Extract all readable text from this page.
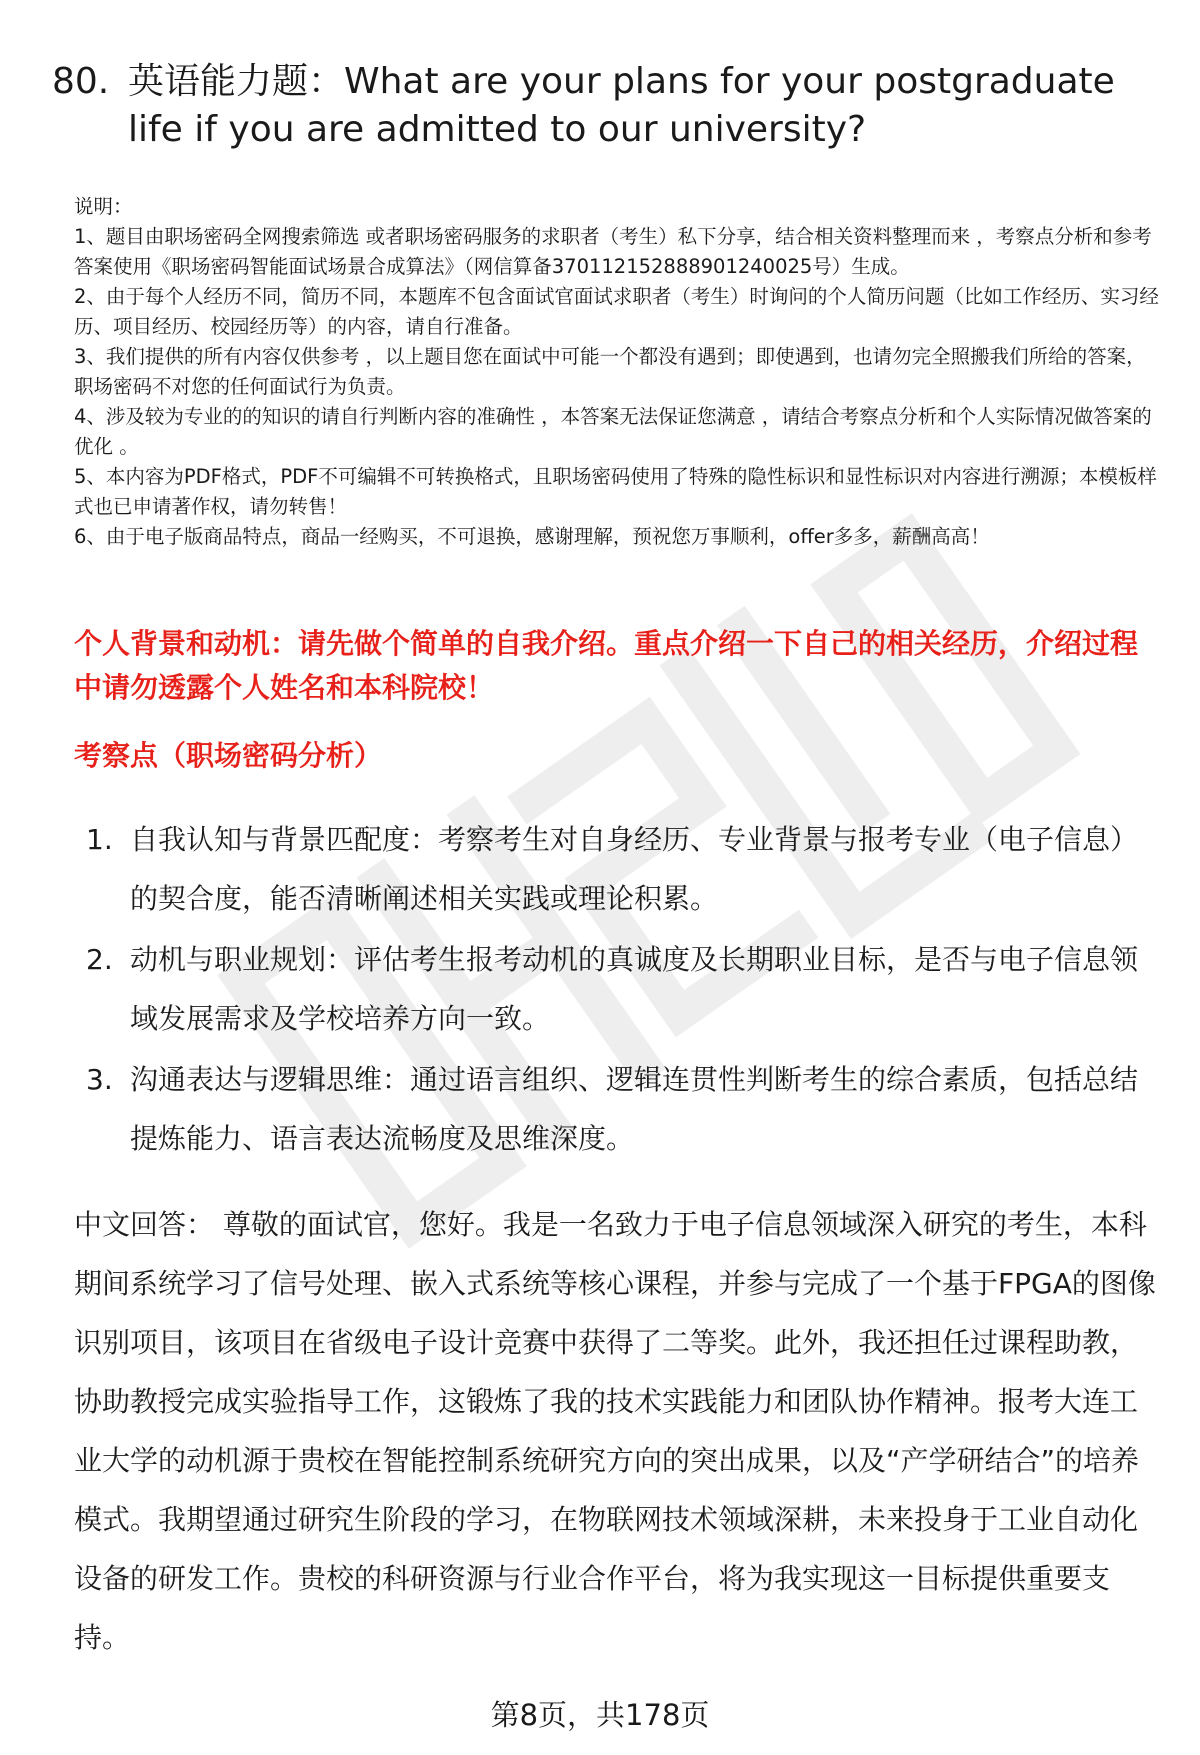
80. 英语能力题：What are your plans for your postgraduate life if you are admitted to our university?

说明：

1、题目由职场密码全网搜索筛选 或者职场密码服务的求职者（考生）私下分享，结合相关资料整理而来 ，考察点分析和参考答案使用《职场密码智能面试场景合成算法》（网信算备370112152888901240025号）生成。

2、由于每个人经历不同，简历不同，本题库不包含面试官面试求职者（考生）时询问的个人简历问题（比如工作经历、实习经历、项目经历、校园经历等）的内容，请自行准备。

3、我们提供的所有内容仅供参考 ，以上题目您在面试中可能一个都没有遇到；即使遇到，也请勿完全照搬我们所给的答案，职场密码不对您的任何面试行为负责。

4、涉及较为专业的的知识的请自行判断内容的准确性 ，本答案无法保证您满意 ，请结合考察点分析和个人实际情况做答案的优化 。

5、本内容为PDF格式，PDF不可编辑不可转换格式，且职场密码使用了特殊的隐性标识和显性标识对内容进行溯源；本模板样式也已申请著作权，请勿转售！

6、由于电子版商品特点，商品一经购买，不可退换，感谢理解，预祝您万事顺利，offer多多，薪酬高高！

个人背景和动机：请先做个简单的自我介绍。重点介绍一下自己的相关经历，介绍过程中请勿透露个人姓名和本科院校！

考察点（职场密码分析）

1. 自我认知与背景匹配度：考察考生对自身经历、专业背景与报考专业（电子信息）的契合度，能否清晰阐述相关实践或理论积累。
2. 动机与职业规划：评估考生报考动机的真诚度及长期职业目标，是否与电子信息领域发展需求及学校培养方向一致。
3. 沟通表达与逻辑思维：通过语言组织、逻辑连贯性判断考生的综合素质，包括总结提炼能力、语言表达流畅度及思维深度。

中文回答： 尊敬的面试官，您好。我是一名致力于电子信息领域深入研究的考生，本科期间系统学习了信号处理、嵌入式系统等核心课程，并参与完成了一个基于FPGA的图像识别项目，该项目在省级电子设计竞赛中获得了二等奖。此外，我还担任过课程助教，协助教授完成实验指导工作，这锻炼了我的技术实践能力和团队协作精神。报考大连工业大学的动机源于贵校在智能控制系统研究方向的突出成果，以及“产学研结合”的培养模式。我期望通过研究生阶段的学习，在物联网技术领域深耕，未来投身于工业自动化设备的研发工作。贵校的科研资源与行业合作平台，将为我实现这一目标提供重要支持。

第8页，共178页
